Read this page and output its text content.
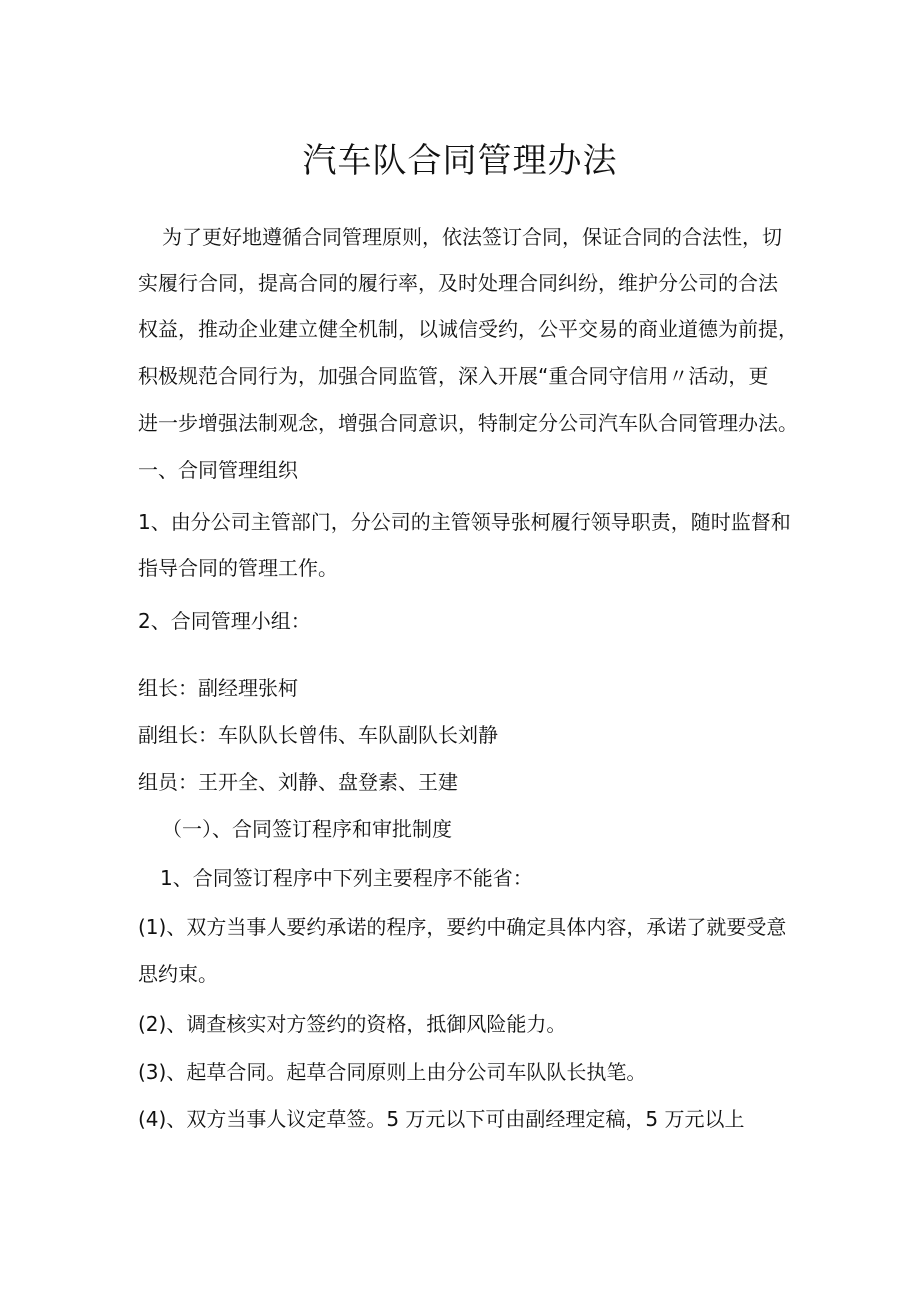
汽车队合同管理办法

为了更好地遵循合同管理原则，依法签订合同，保证合同的合法性，切

实履行合同，提高合同的履行率，及时处理合同纠纷，维护分公司的合法

权益，推动企业建立健全机制，以诚信受约，公平交易的商业道德为前提，

积极规范合同行为，加强合同监管，深入开展“重合同守信用〃活动，更

进一步增强法制观念，增强合同意识，特制定分公司汽车队合同管理办法。

一、合同管理组织

1、由分公司主管部门，分公司的主管领导张柯履行领导职责，随时监督和

指导合同的管理工作。

2、合同管理小组：

组长：副经理张柯

副组长：车队队长曾伟、车队副队长刘静

组员：王开全、刘静、盘登素、王建

（一）、合同签订程序和审批制度

1、合同签订程序中下列主要程序不能省：

(1)、双方当事人要约承诺的程序，要约中确定具体内容，承诺了就要受意

思约束。

(2)、调查核实对方签约的资格，抵御风险能力。

(3)、起草合同。起草合同原则上由分公司车队队长执笔。

(4)、双方当事人议定草签。5 万元以下可由副经理定稿，5 万元以上
